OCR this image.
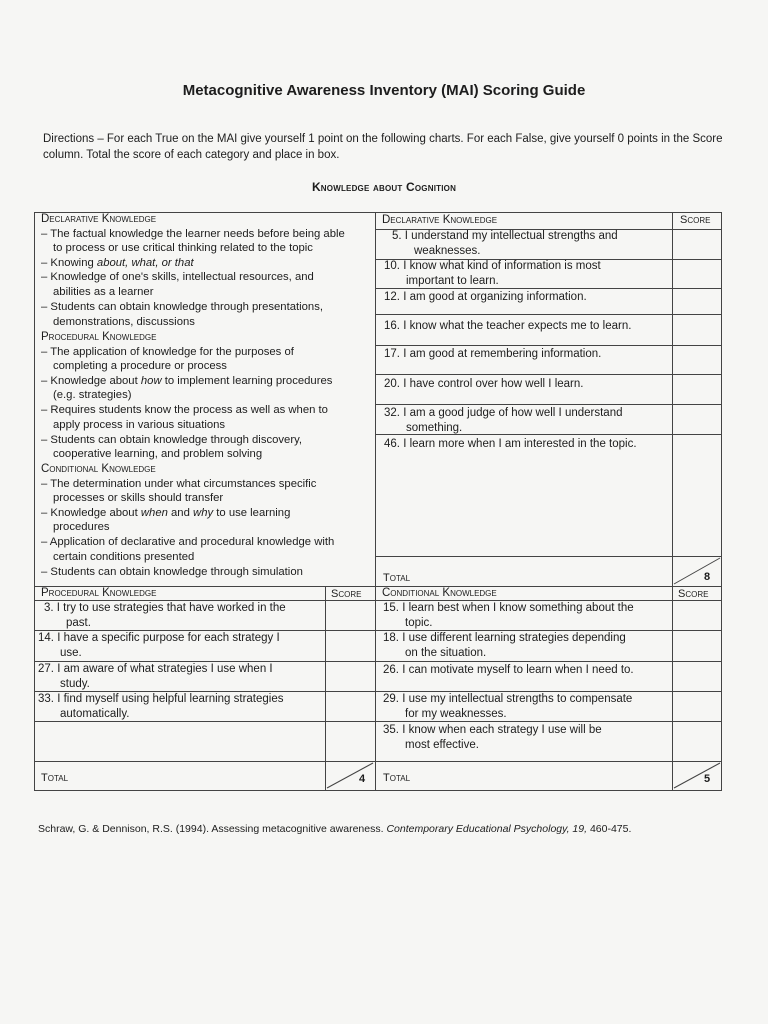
Metacognitive Awareness Inventory (MAI) Scoring Guide
Directions – For each True on the MAI give yourself 1 point on the following charts. For each False, give yourself 0 points in the Score column. Total the score of each category and place in box.
Knowledge about Cognition
Declarative Knowledge
– The factual knowledge the learner needs before being able
to process or use critical thinking related to the topic
– Knowing about, what, or that
– Knowledge of one's skills, intellectual resources, and
abilities as a learner
– Students can obtain knowledge through presentations,
demonstrations, discussions
Procedural Knowledge
– The application of knowledge for the purposes of
completing a procedure or process
– Knowledge about how to implement learning procedures
(e.g. strategies)
– Requires students know the process as well as when to
apply process in various situations
– Students can obtain knowledge through discovery,
cooperative learning, and problem solving
Conditional Knowledge
– The determination under what circumstances specific
processes or skills should transfer
– Knowledge about when and why to use learning
procedures
– Application of declarative and procedural knowledge with
certain conditions presented
– Students can obtain knowledge through simulation
Declarative Knowledge	Score
5. I understand my intellectual strengths and
weaknesses.
10. I know what kind of information is most
important to learn.
12. I am good at organizing information.
16. I know what the teacher expects me to learn.
17. I am good at remembering information.
20. I have control over how well I learn.
32. I am a good judge of how well I understand
something.
46. I learn more when I am interested in the topic.
Total	8
Procedural Knowledge	Score
3. I try to use strategies that have worked in the
past.
14. I have a specific purpose for each strategy I
use.
27. I am aware of what strategies I use when I
study.
33. I find myself using helpful learning strategies
automatically.
Total	4
Conditional Knowledge	Score
15. I learn best when I know something about the
topic.
18. I use different learning strategies depending
on the situation.
26. I can motivate myself to learn when I need to.
29. I use my intellectual strengths to compensate
for my weaknesses.
35. I know when each strategy I use will be
most effective.
Total	5
Schraw, G. & Dennison, R.S. (1994). Assessing metacognitive awareness. Contemporary Educational Psychology, 19, 460-475.
